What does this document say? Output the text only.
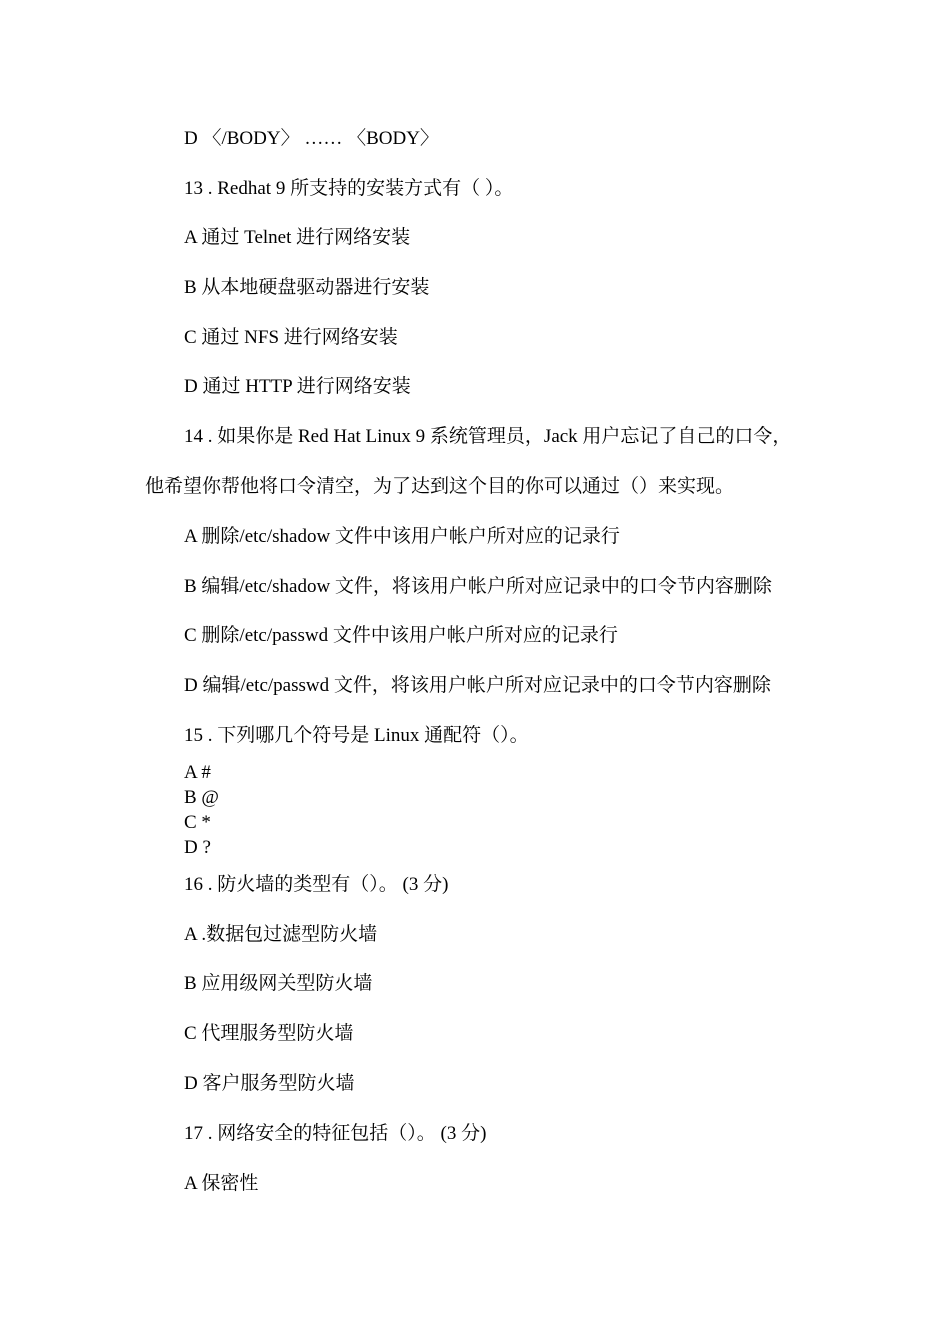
D 〈/BODY〉 …… 〈BODY〉
13 . Redhat 9 所支持的安装方式有（ ）。
A 通过 Telnet 进行网络安装
B 从本地硬盘驱动器进行安装
C 通过 NFS 进行网络安装
D 通过 HTTP 进行网络安装
14 . 如果你是 Red Hat Linux 9 系统管理员，Jack 用户忘记了自己的口令，
他希望你帮他将口令清空，为了达到这个目的你可以通过（）来实现。
A 删除/etc/shadow 文件中该用户帐户所对应的记录行
B 编辑/etc/shadow 文件，将该用户帐户所对应记录中的口令节内容删除
C 删除/etc/passwd 文件中该用户帐户所对应的记录行
D 编辑/etc/passwd 文件，将该用户帐户所对应记录中的口令节内容删除
15 . 下列哪几个符号是 Linux 通配符（）。
A #
B @
C *
D ?
16 . 防火墙的类型有（）。 (3 分)
A .数据包过滤型防火墙
B 应用级网关型防火墙
C 代理服务型防火墙
D 客户服务型防火墙
17 . 网络安全的特征包括（）。 (3 分)
A 保密性
